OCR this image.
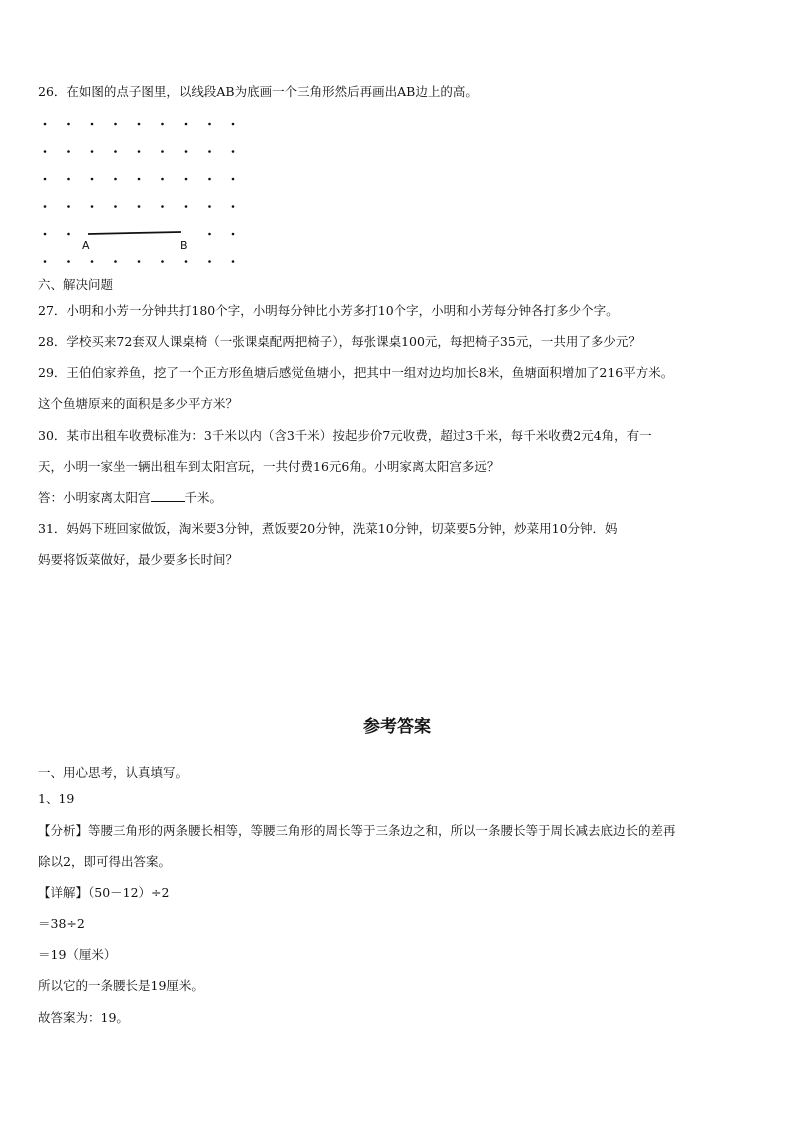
26．在如图的点子图里，以线段AB为底画一个三角形然后再画出AB边上的高。
A	B
六、解决问题
27．小明和小芳一分钟共打180个字，小明每分钟比小芳多打10个字，小明和小芳每分钟各打多少个字。
28．学校买来72套双人课桌椅（一张课桌配两把椅子），每张课桌100元，每把椅子35元，一共用了多少元？
29．王伯伯家养鱼，挖了一个正方形鱼塘后感觉鱼塘小，把其中一组对边均加长8米，鱼塘面积增加了216平方米。
这个鱼塘原来的面积是多少平方米？
30．某市出租车收费标准为：3千米以内（含3千米）按起步价7元收费，超过3千米，每千米收费2元4角，有一
天，小明一家坐一辆出租车到太阳宫玩，一共付费16元6角。小明家离太阳宫多远？
答：小明家离太阳宫	千米。
31．妈妈下班回家做饭，淘米要3分钟，煮饭要20分钟，洗菜10分钟，切菜要5分钟，炒菜用10分钟．妈
妈要将饭菜做好，最少要多长时间？
参考答案
一、用心思考，认真填写。
1、19
【分析】等腰三角形的两条腰长相等，等腰三角形的周长等于三条边之和，所以一条腰长等于周长减去底边长的差再
除以2，即可得出答案。
【详解】（50－12）÷2
＝38÷2
＝19（厘米）
所以它的一条腰长是19厘米。
故答案为：19。
